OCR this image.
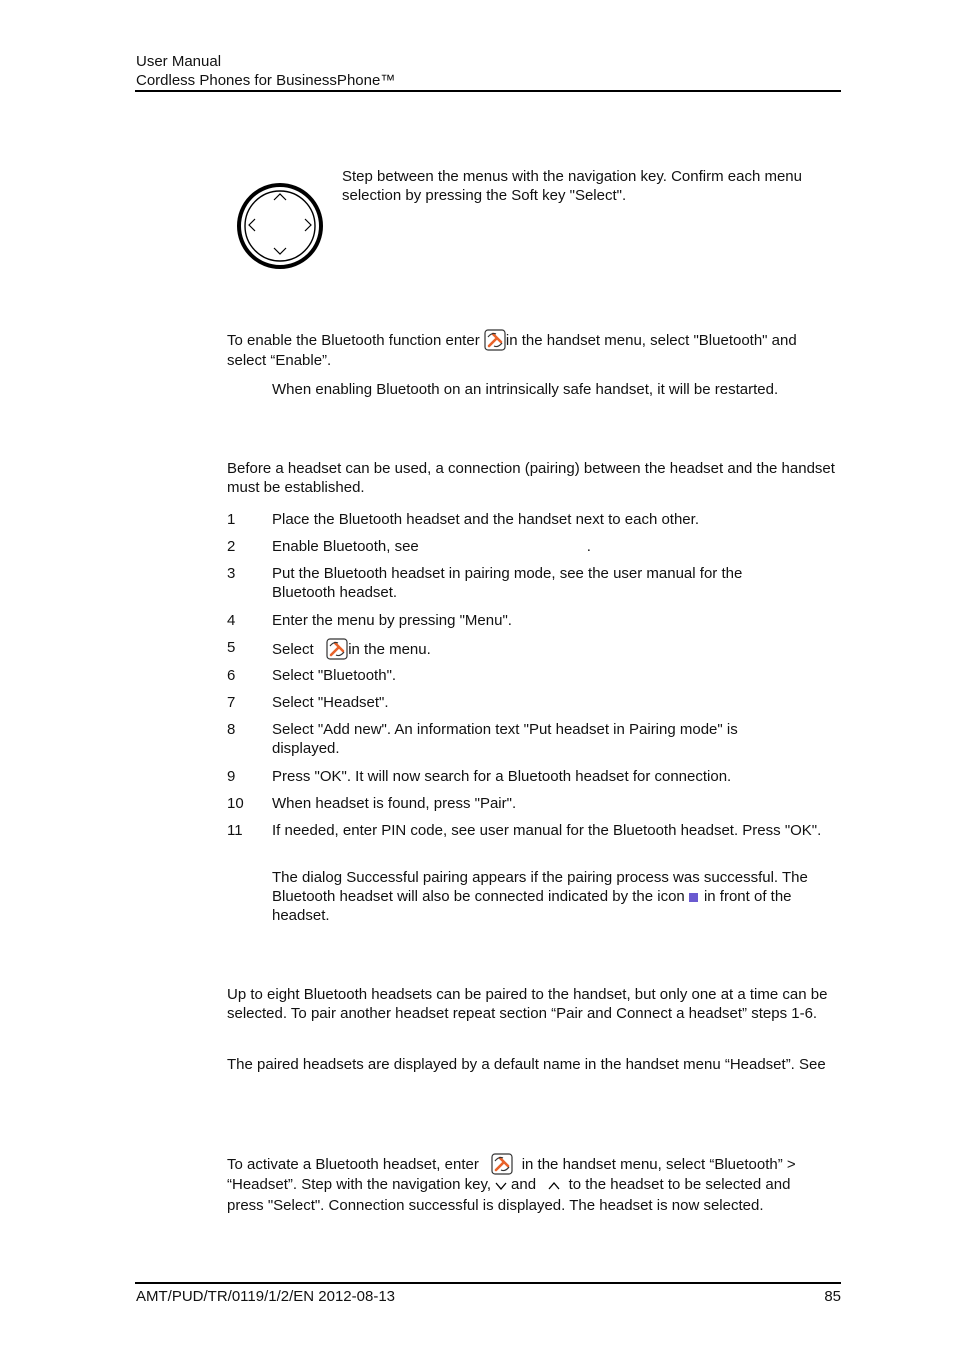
User Manual
Cordless Phones for BusinessPhone™

Step between the menus with the navigation key. Confirm each menu selection by pressing the Soft key "Select".

To enable the Bluetooth function enter in the handset menu, select "Bluetooth" and
select “Enable”.

When enabling Bluetooth on an intrinsically safe handset, it will be restarted.

Before a headset can be used, a connection (pairing) between the headset and the handset must be established.

1 Place the Bluetooth headset and the handset next to each other.

2 Enable Bluetooth, see	.

3 Put the Bluetooth headset in pairing mode, see the user manual for the Bluetooth headset.

4 Enter the menu by pressing "Menu".

5 Select in the menu.

6 Select "Bluetooth".

7 Select "Headset".

8 Select "Add new". An information text "Put headset in Pairing mode" is displayed.

9 Press "OK". It will now search for a Bluetooth headset for connection.

10 When headset is found, press "Pair".

11 If needed, enter PIN code, see user manual for the Bluetooth headset. Press "OK".

The dialog Successful pairing appears if the pairing process was successful. The Bluetooth headset will also be connected indicated by the icon in front of the headset.

Up to eight Bluetooth headsets can be paired to the handset, but only one at a time can be selected. To pair another headset repeat section “Pair and Connect a headset” steps 1-6.

The paired headsets are displayed by a default name in the handset menu “Headset”. See

To activate a Bluetooth headset, enter	in the handset menu, select “Bluetooth” >
“Headset”. Step with the navigation key, and to the headset to be selected and
press "Select". Connection successful is displayed. The headset is now selected.

AMT/PUD/TR/0119/1/2/EN 2012-08-13	85
